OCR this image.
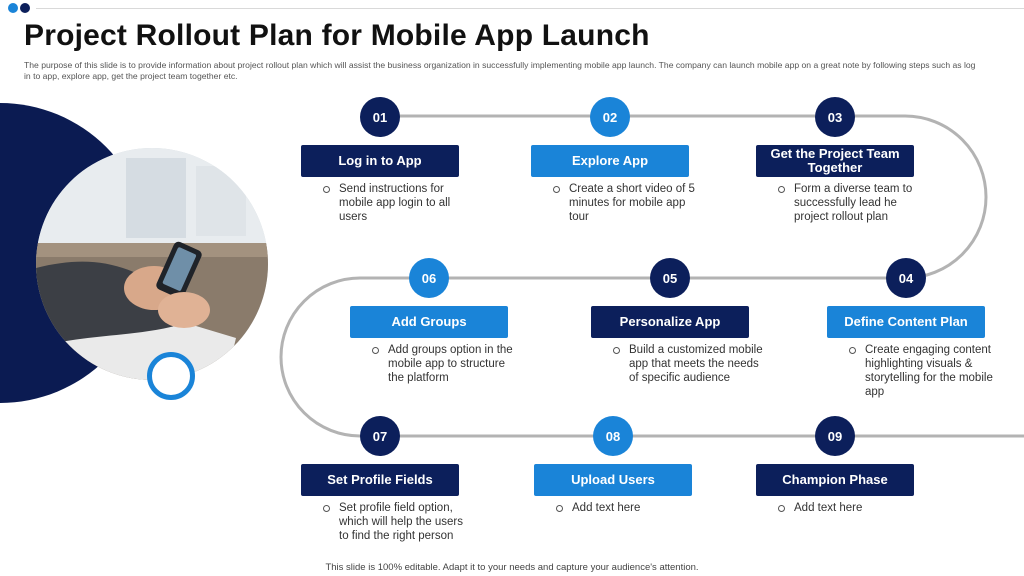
Project Rollout Plan for Mobile App Launch

The purpose of this slide is to provide information about project rollout plan which will assist the business organization in successfully implementing mobile app launch. The company can launch mobile app on a great note by following steps such as log in to app, explore app, get the project team together etc.

01
Log in to App
Send instructions for mobile app login to all users
02
Explore App
Create a short video of 5 minutes for mobile app tour
03
Get the Project Team Together
Form a diverse team to successfully lead he project rollout plan
04
Define Content Plan
Create engaging content highlighting visuals & storytelling for the mobile app
05
Personalize App
Build a customized mobile app that meets the needs of specific audience
06
Add Groups
Add groups option in the mobile app to structure the platform
07
Set Profile Fields
Set profile field option, which will help the users to find the right person
08
Upload Users
Add text here
09
Champion Phase
Add text here
This slide is 100% editable. Adapt it to your needs and capture your audience's attention.
